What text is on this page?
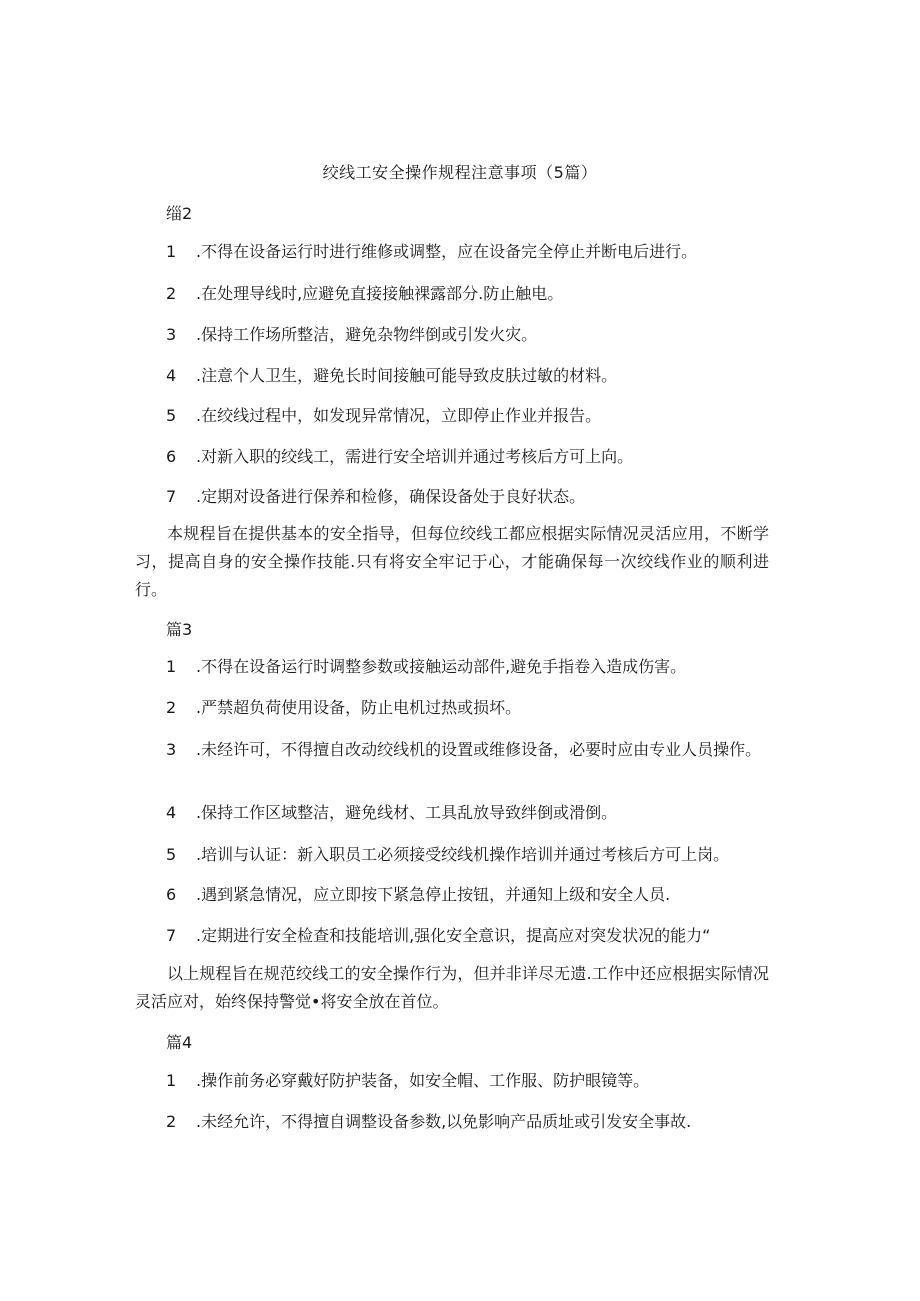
绞线工安全操作规程注意事项（5篇）
缁2
1 .不得在设备运行时进行维修或调整，应在设备完全停止并断电后进行。
2 .在处理导线时,应避免直接接触裸露部分.防止触电。
3 .保持工作场所整洁，避免杂物绊倒或引发火灾。
4 .注意个人卫生，避免长时间接触可能导致皮肤过敏的材料。
5 .在绞线过程中，如发现异常情况，立即停止作业并报告。
6 .对新入职的绞线工，需进行安全培训并通过考核后方可上向。
7 .定期对设备进行保养和检修，确保设备处于良好状态。
本规程旨在提供基本的安全指导，但每位绞线工都应根据实际情况灵活应用，不断学习，提高自身的安全操作技能.只有将安全牢记于心，才能确保每一次绞线作业的顺利进行。
篇3
1 .不得在设备运行时调整参数或接触运动部件,避免手指卷入造成伤害。
2 .严禁超负荷使用设备，防止电机过热或损坏。
3 .未经许可，不得擅自改动绞线机的设置或维修设备，必要时应由专业人员操作。
4 .保持工作区域整洁，避免线材、工具乱放导致绊倒或滑倒。
5 .培训与认证：新入职员工必须接受绞线机操作培训并通过考核后方可上岗。
6 .遇到紧急情况，应立即按下紧急停止按钮，并通知上级和安全人员.
7 .定期进行安全检查和技能培训,强化安全意识，提高应对突发状况的能力“
以上规程旨在规范绞线工的安全操作行为，但并非详尽无遗.工作中还应根据实际情况灵活应对，始终保持警觉•将安全放在首位。
篇4
1 .操作前务必穿戴好防护装备，如安全帽、工作服、防护眼镜等。
2 .未经允许，不得擅自调整设备参数,以免影响产品质址或引发安全事故.
